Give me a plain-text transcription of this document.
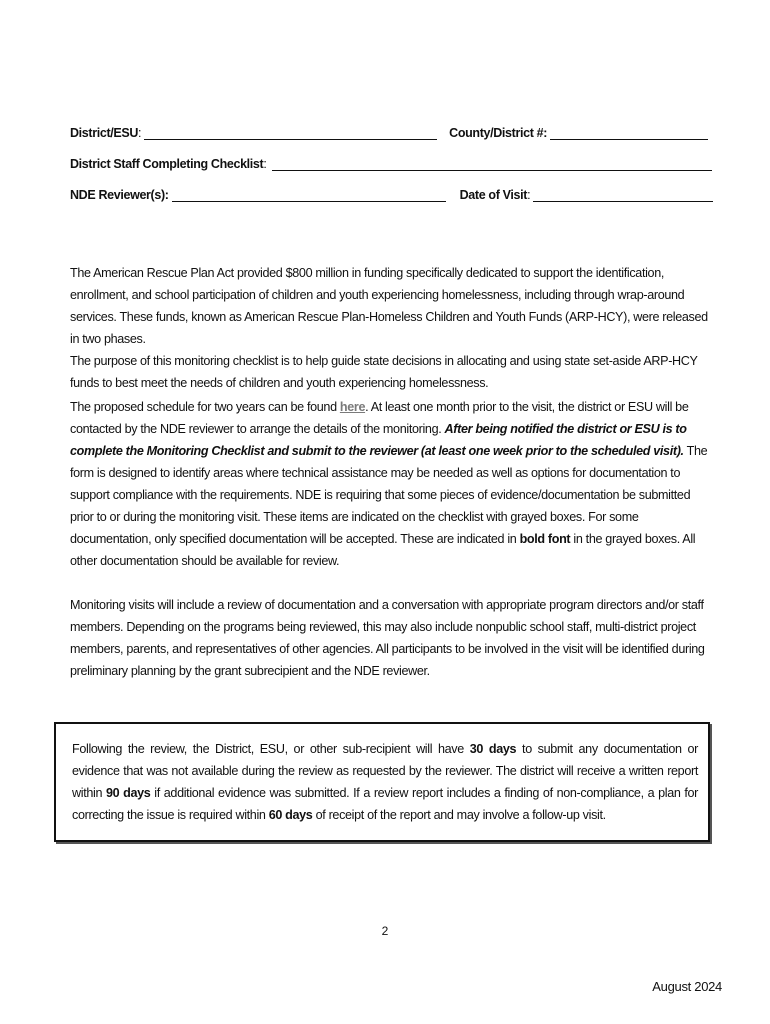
District/ESU :	County/District #:
District Staff Completing Checklist :
NDE Reviewer(s):	Date of Visit :

The American Rescue Plan Act provided $800 million in funding specifically dedicated to support the identification, enrollment, and school participation of children and youth experiencing homelessness, including through wrap-around services. These funds, known as American Rescue Plan-Homeless Children and Youth Funds (ARP-HCY), were released in two phases.
The purpose of this monitoring checklist is to help guide state decisions in allocating and using state set-aside ARP-HCY funds to best meet the needs of children and youth experiencing homelessness.

The proposed schedule for two years can be found here. At least one month prior to the visit, the district or ESU will be contacted by the NDE reviewer to arrange the details of the monitoring. After being notified the district or ESU is to complete the Monitoring Checklist and submit to the reviewer (at least one week prior to the scheduled visit). The form is designed to identify areas where technical assistance may be needed as well as options for documentation to support compliance with the requirements. NDE is requiring that some pieces of evidence/documentation be submitted prior to or during the monitoring visit. These items are indicated on the checklist with grayed boxes. For some documentation, only specified documentation will be accepted. These are indicated in bold font in the grayed boxes. All other documentation should be available for review.

Monitoring visits will include a review of documentation and a conversation with appropriate program directors and/or staff members. Depending on the programs being reviewed, this may also include nonpublic school staff, multi-district project members, parents, and representatives of other agencies. All participants to be involved in the visit will be identified during preliminary planning by the grant subrecipient and the NDE reviewer.

Following the review, the District, ESU, or other sub-recipient will have 30 days to submit any documentation or evidence that was not available during the review as requested by the reviewer. The district will receive a written report within 90 days if additional evidence was submitted. If a review report includes a finding of non-compliance, a plan for correcting the issue is required within 60 days of receipt of the report and may involve a follow-up visit.

2
August 2024
